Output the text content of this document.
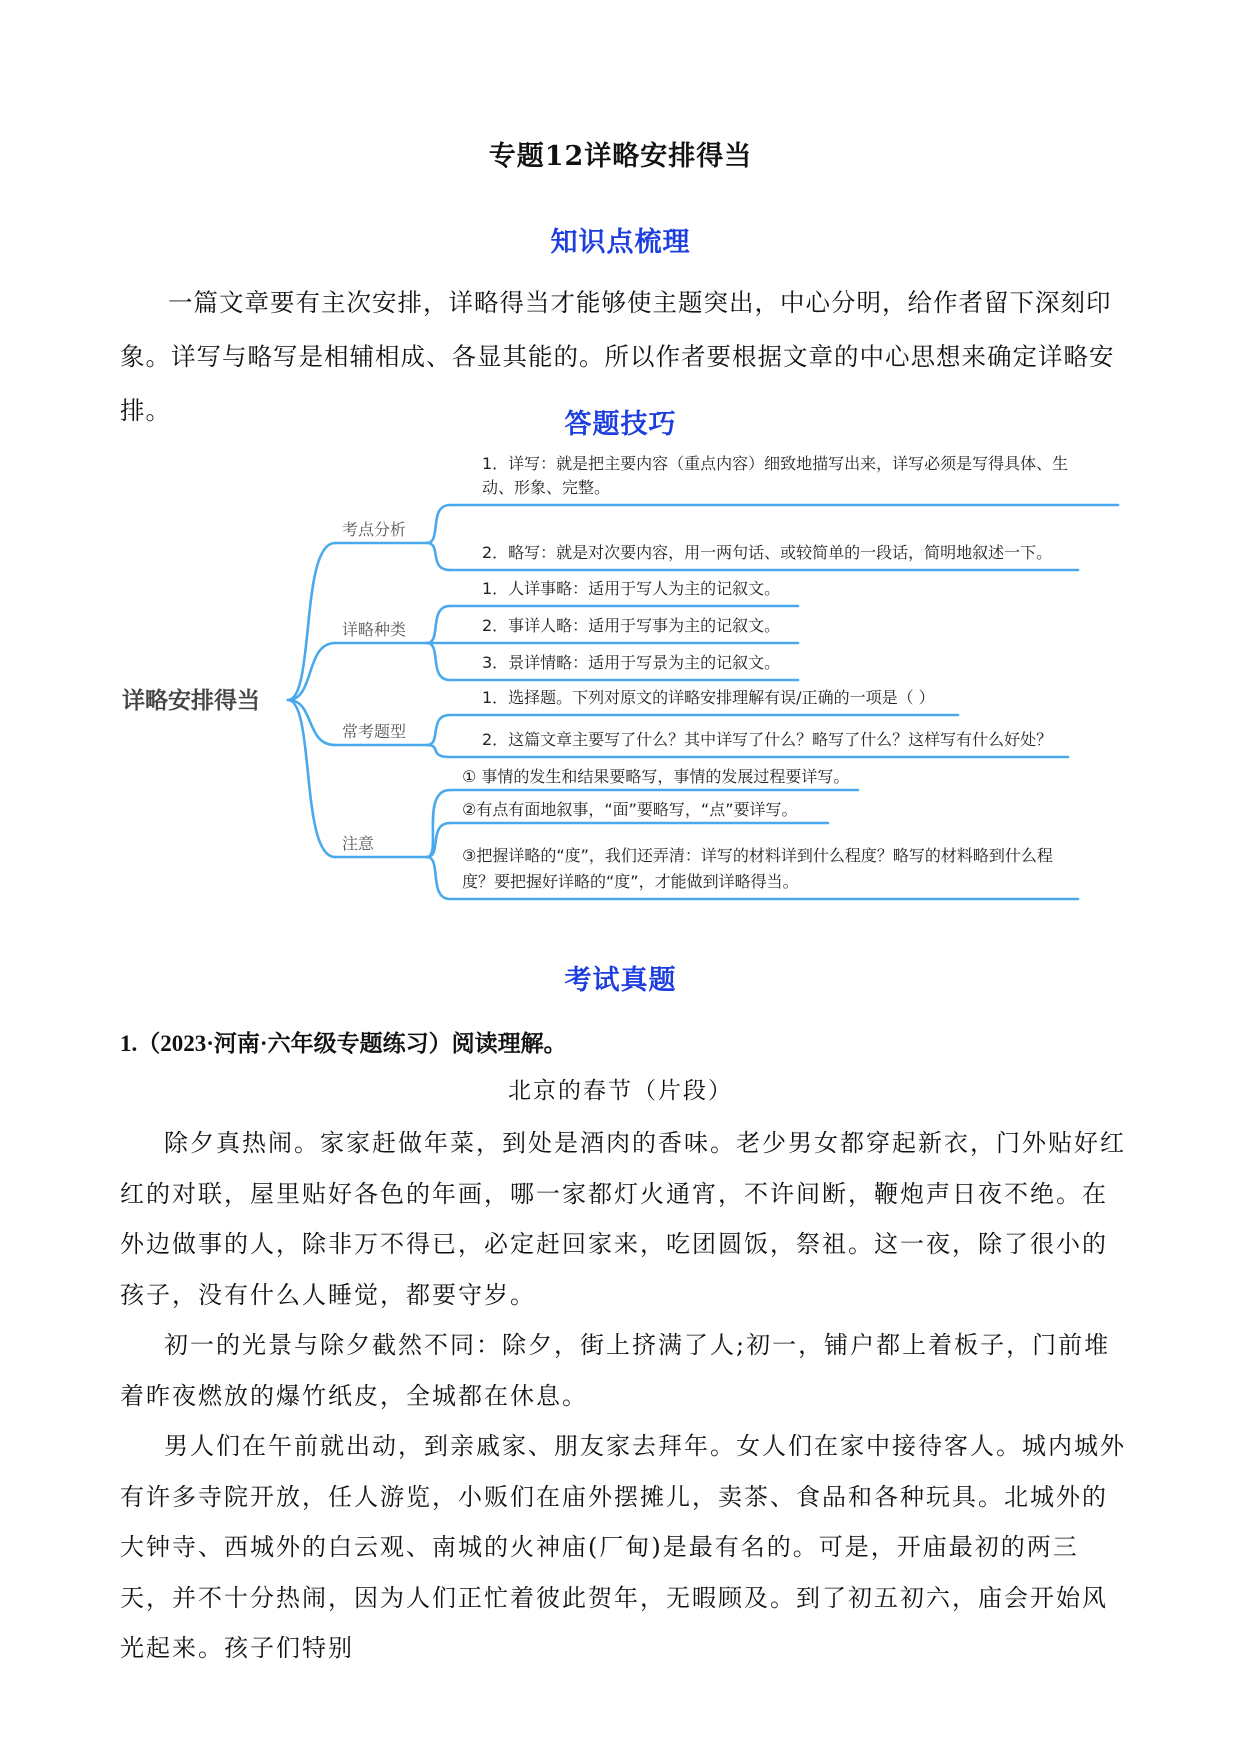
专题12详略安排得当
知识点梳理

一篇文章要有主次安排，详略得当才能够使主题突出，中心分明，给作者留下深刻印象。详写与略写是相辅相成、各显其能的。所以作者要根据文章的中心思想来确定详略安排。	答题技巧
详略安排得当
考点分析
详略种类
常考题型
注意
1．详写：就是把主要内容（重点内容）细致地描写出来，详写必须是写得具体、生
动、形象、完整。
2．略写：就是对次要内容，用一两句话、或较简单的一段话，简明地叙述一下。
1．人详事略：适用于写人为主的记叙文。
2．事详人略：适用于写事为主的记叙文。
3．景详情略：适用于写景为主的记叙文。
1．选择题。下列对原文的详略安排理解有误/正确的一项是（ ）
2．这篇文章主要写了什么？其中详写了什么？略写了什么？这样写有什么好处？
① 事情的发生和结果要略写，事情的发展过程要详写。
②有点有面地叙事，“面”要略写，“点”要详写。
③把握详略的“度”，我们还弄清：详写的材料详到什么程度？略写的材料略到什么程
度？要把握好详略的“度”，才能做到详略得当。
考试真题
1.（2023·河南·六年级专题练习）阅读理解。
北京的春节（片段）

除夕真热闹。家家赶做年菜，到处是酒肉的香味。老少男女都穿起新衣，门外贴好红红的对联，屋里贴好各色的年画，哪一家都灯火通宵，不许间断，鞭炮声日夜不绝。在外边做事的人，除非万不得已，必定赶回家来，吃团圆饭，祭祖。这一夜，除了很小的孩子，没有什么人睡觉，都要守岁。

初一的光景与除夕截然不同：除夕，街上挤满了人;初一，铺户都上着板子，门前堆着昨夜燃放的爆竹纸皮，全城都在休息。

男人们在午前就出动，到亲戚家、朋友家去拜年。女人们在家中接待客人。城内城外有许多寺院开放，任人游览，小贩们在庙外摆摊儿，卖茶、食品和各种玩具。北城外的大钟寺、西城外的白云观、南城的火神庙(厂甸)是最有名的。可是，开庙最初的两三天，并不十分热闹，因为人们正忙着彼此贺年，无暇顾及。到了初五初六，庙会开始风光起来。孩子们特别
